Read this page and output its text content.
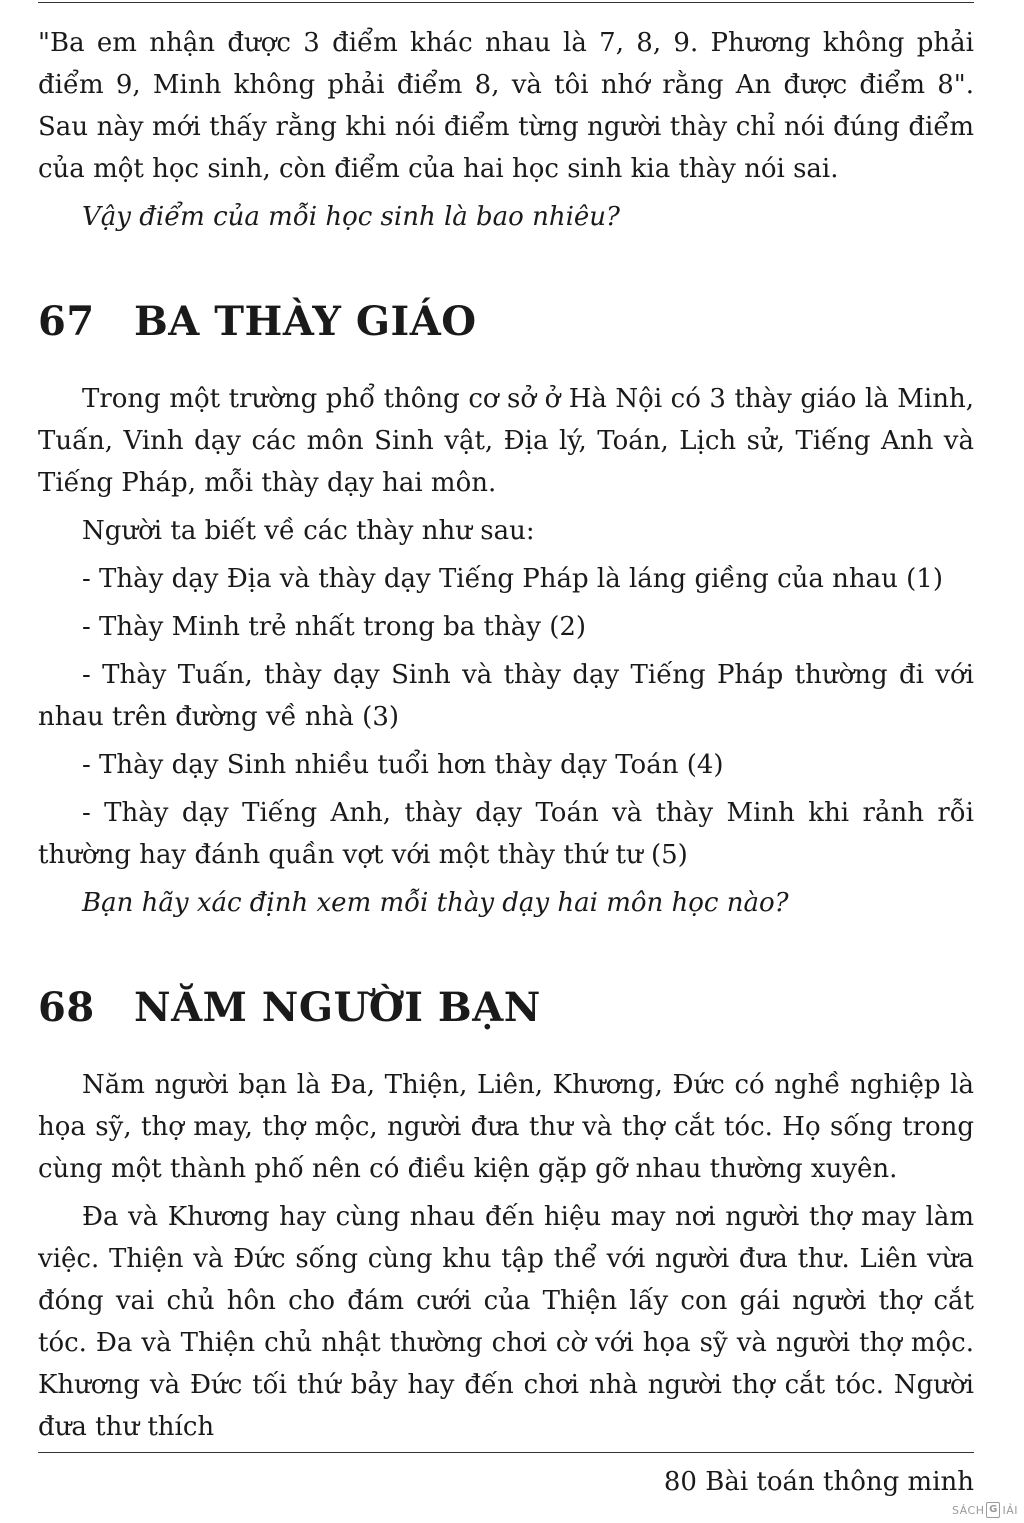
"Ba em nhận được 3 điểm khác nhau là 7, 8, 9. Phương không phải điểm 9, Minh không phải điểm 8, và tôi nhớ rằng An được điểm 8". Sau này mới thấy rằng khi nói điểm từng người thày chỉ nói đúng điểm của một học sinh, còn điểm của hai học sinh kia thày nói sai.

Vậy điểm của mỗi học sinh là bao nhiêu?

67 BA THÀY GIÁO

Trong một trường phổ thông cơ sở ở Hà Nội có 3 thày giáo là Minh, Tuấn, Vinh dạy các môn Sinh vật, Địa lý, Toán, Lịch sử, Tiếng Anh và Tiếng Pháp, mỗi thày dạy hai môn.

Người ta biết về các thày như sau:

- Thày dạy Địa và thày dạy Tiếng Pháp là láng giềng của nhau (1)

- Thày Minh trẻ nhất trong ba thày (2)

- Thày Tuấn, thày dạy Sinh và thày dạy Tiếng Pháp thường đi với nhau trên đường về nhà (3)

- Thày dạy Sinh nhiều tuổi hơn thày dạy Toán (4)

- Thày dạy Tiếng Anh, thày dạy Toán và thày Minh khi rảnh rỗi thường hay đánh quần vợt với một thày thứ tư (5)

Bạn hãy xác định xem mỗi thày dạy hai môn học nào?

68 NĂM NGƯỜI BẠN

Năm người bạn là Đa, Thiện, Liên, Khương, Đức có nghề nghiệp là họa sỹ, thợ may, thợ mộc, người đưa thư và thợ cắt tóc. Họ sống trong cùng một thành phố nên có điều kiện gặp gỡ nhau thường xuyên.

Đa và Khương hay cùng nhau đến hiệu may nơi người thợ may làm việc. Thiện và Đức sống cùng khu tập thể với người đưa thư. Liên vừa đóng vai chủ hôn cho đám cưới của Thiện lấy con gái người thợ cắt tóc. Đa và Thiện chủ nhật thường chơi cờ với họa sỹ và người thợ mộc. Khương và Đức tối thứ bảy hay đến chơi nhà người thợ cắt tóc. Người đưa thư thích

80 Bài toán thông minh
SÁCH G IẢI
